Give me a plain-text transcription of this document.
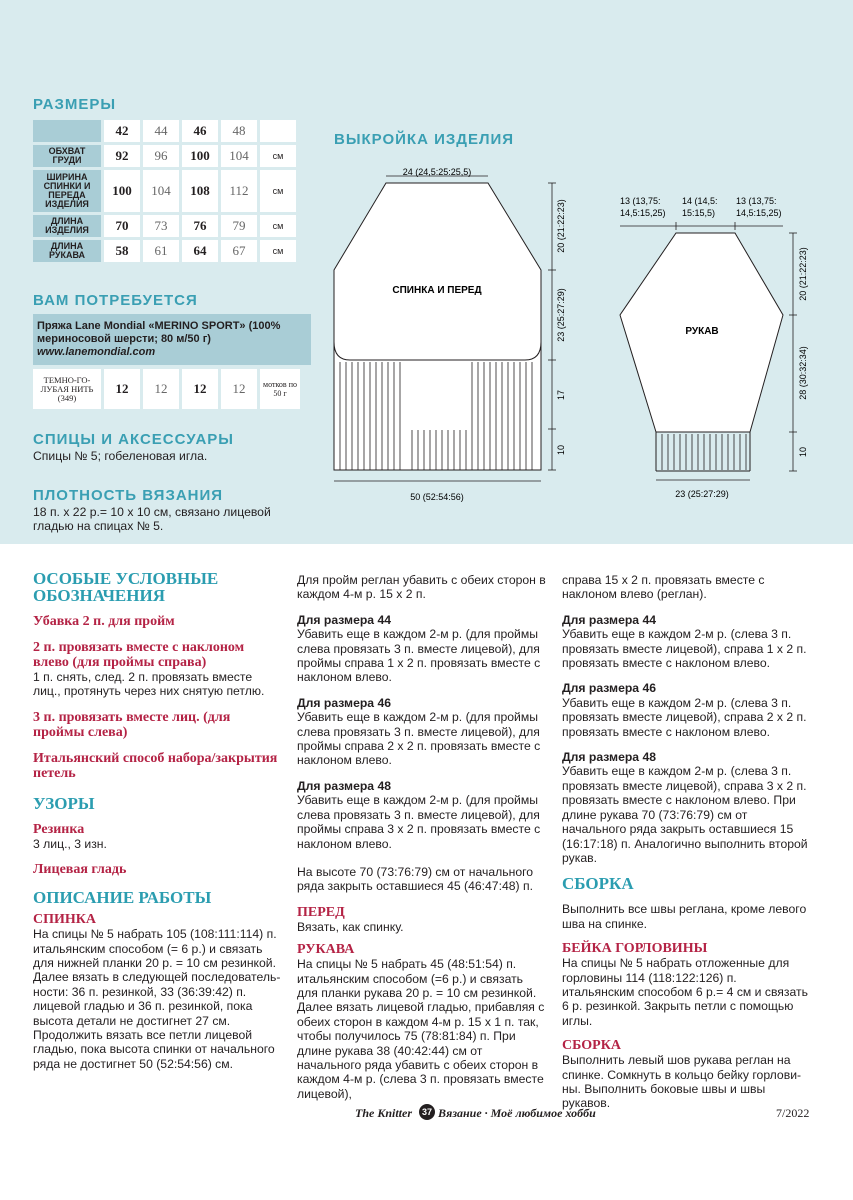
РАЗМЕРЫ
	42	44	46	48	
ОБХВАТ ГРУДИ	92	96	100	104	см
ШИРИНА СПИНКИ И ПЕРЕДА ИЗДЕЛИЯ	100	104	108	112	см
ДЛИНА ИЗДЕЛИЯ	70	73	76	79	см
ДЛИНА РУКАВА	58	61	64	67	см
ВАМ ПОТРЕБУЕТСЯ
Пряжа Lane Mondial «MERINO SPORT» (100%
мериносовой шерсти; 80 м/50 г)
www.lanemondial.com
ТЕМНО-ГО- ЛУБАЯ НИТЬ (349)	12	12	12	12	мотков по 50 г
СПИЦЫ И АКСЕССУАРЫ
Спицы № 5; гобеленовая игла.
ПЛОТНОСТЬ ВЯЗАНИЯ
18 п. х 22 р.= 10 х 10 см, связано лицевой
гладью на спицах № 5.
ВЫКРОЙКА ИЗДЕЛИЯ
СПИНКА И ПЕРЕД
РУКАВ
24 (24,5:25:25,5)
50 (52:54:56)	23 (25:27:29)
13 (13,75:
14,5:15,25)
14 (14,5:
15:15,5)
13 (13,75:
14,5:15,25)
20 (21:22:23)
23 (25:27:29)
17
10
20 (21:22:23)
28 (30:32:34)
10
ОСОБЫЕ УСЛОВНЫЕ ОБОЗНАЧЕНИЯ
Убавка 2 п. для пройм
2 п. провязать вместе с наклоном влево (для проймы справа)

1 п. снять, след. 2 п. провязать вместе лиц., протянуть через них снятую петлю.

3 п. провязать вместе лиц. (для проймы слева)
Итальянский способ набора/закрытия петель
УЗОРЫ
Резинка

3 лиц., 3 изн.

Лицевая гладь
ОПИСАНИЕ РАБОТЫ
СПИНКА

На спицы № 5 набрать 105 (108:111:114) п. итальянским способом (= 6 р.) и связать для нижней планки 20 р. = 10 см резинкой. Далее вязать в следующей последовательности: 36 п. резинкой, 33 (36:39:42) п. лицевой гладью и 36 п. резинкой, пока высота детали не достигнет 27 см. Продолжить вязать все петли лицевой гладью, пока высота спинки от начального ряда не достигнет 50 (52:54:56) см.

Для пройм реглан убавить с обеих сторон в каждом 4-м р. 15 х 2 п.

Для размера 44

Убавить еще в каждом 2-м р. (для проймы слева провязать 3 п. вместе лицевой), для проймы справа 1 х 2 п. провязать вместе с наклоном влево.

Для размера 46

Убавить еще в каждом 2-м р. (для проймы слева провязать 3 п. вместе лицевой), для проймы справа 2 х 2 п. провязать вместе с наклоном влево.

Для размера 48

Убавить еще в каждом 2-м р. (для проймы слева провязать 3 п. вместе лицевой), для проймы справа 3 х 2 п. провязать вместе с наклоном влево.

На высоте 70 (73:76:79) см от начального ряда закрыть оставшиеся 45 (46:47:48) п.

ПЕРЕД

Вязать, как спинку.

РУКАВА

На спицы № 5 набрать 45 (48:51:54) п. итальянским способом (=6 р.) и связать для планки рукава 20 р. = 10 см резинкой. Далее вязать лицевой гладью, прибавляя с обеих сторон в каждом 4-м р. 15 х 1 п. так, чтобы получилось 75 (78:81:84) п. При длине рукава 38 (40:42:44) см от начального ряда убавить с обеих сторон в каждом 4-м р. (слева 3 п. провязать вместе лицевой),

справа 15 х 2 п. провязать вместе с наклоном влево (реглан).

Для размера 44

Убавить еще в каждом 2-м р. (слева 3 п. провязать вместе лицевой), справа 1 х 2 п. провязать вместе с наклоном влево.

Для размера 46

Убавить еще в каждом 2-м р. (слева 3 п. провязать вместе лицевой), справа 2 х 2 п. провязать вместе с наклоном влево.

Для размера 48

Убавить еще в каждом 2-м р. (слева 3 п. провязать вместе лицевой), справа 3 х 2 п. провязать вместе с наклоном влево. При длине рукава 70 (73:76:79) см от начального ряда закрыть оставшиеся 15 (16:17:18) п. Аналогично выполнить второй рукав.

СБОРКА

Выполнить все швы реглана, кроме левого шва на спинке.

БЕЙКА ГОРЛОВИНЫ

На спицы № 5 набрать отложенные для горловины 114 (118:122:126) п. итальянским способом 6 р.= 4 см и связать 6 р. резинкой. Закрыть петли с помощью иглы.

СБОРКА

Выполнить левый шов рукава реглан на спинке. Сомкнуть в кольцо бейку горловины. Выполнить боковые швы и швы рукавов.

The Knitter	37 Вязание · Моё любимое хобби	7/2022
